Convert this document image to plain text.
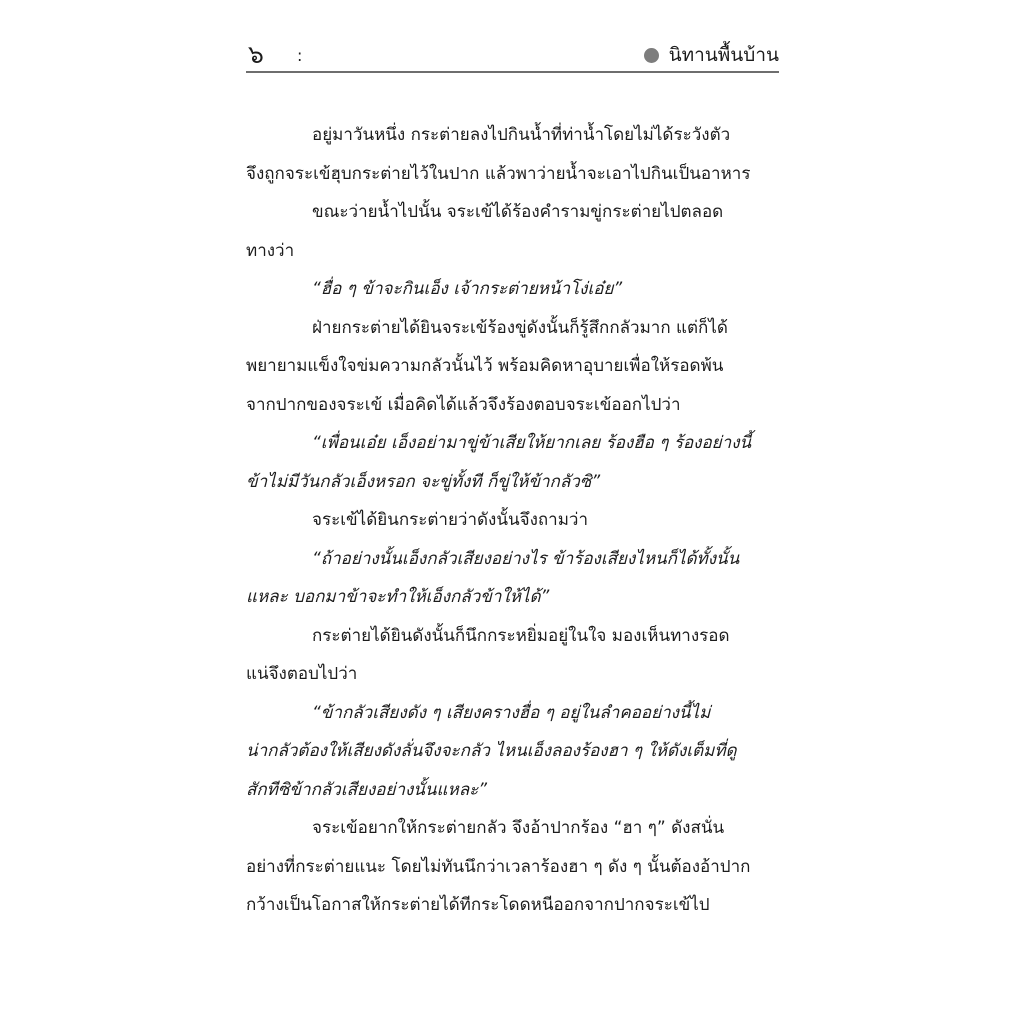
๖ :	นิทานพื้นบ้าน

อยู่มาวันหนึ่ง กระต่ายลงไปกินน้ำที่ท่าน้ำโดยไม่ได้ระวังตัว

จึงถูกจระเข้ฮุบกระต่ายไว้ในปาก แล้วพาว่ายน้ำจะเอาไปกินเป็นอาหาร

ขณะว่ายน้ำไปนั้น จระเข้ได้ร้องคำรามขู่กระต่ายไปตลอด

ทางว่า

“ฮื่อ ๆ ข้าจะกินเอ็ง เจ้ากระต่ายหน้าโง่เอ๋ย”

ฝ่ายกระต่ายได้ยินจระเข้ร้องขู่ดังนั้นก็รู้สึกกลัวมาก แต่ก็ได้

พยายามแข็งใจข่มความกลัวนั้นไว้ พร้อมคิดหาอุบายเพื่อให้รอดพ้น

จากปากของจระเข้ เมื่อคิดได้แล้วจึงร้องตอบจระเข้ออกไปว่า

“เพื่อนเอ๋ย เอ็งอย่ามาขู่ข้าเสียให้ยากเลย ร้องฮือ ๆ ร้องอย่างนี้

ข้าไม่มีวันกลัวเอ็งหรอก จะขู่ทั้งที ก็ขู่ให้ข้ากลัวซิ”

จระเข้ได้ยินกระต่ายว่าดังนั้นจึงถามว่า

“ถ้าอย่างนั้นเอ็งกลัวเสียงอย่างไร ข้าร้องเสียงไหนก็ได้ทั้งนั้น

แหละ บอกมาข้าจะทำให้เอ็งกลัวข้าให้ได้”

กระต่ายได้ยินดังนั้นก็นึกกระหยิ่มอยู่ในใจ มองเห็นทางรอด

แน่จึงตอบไปว่า

“ข้ากลัวเสียงดัง ๆ เสียงครางฮื่อ ๆ อยู่ในลำคออย่างนี้ไม่

น่ากลัวต้องให้เสียงดังลั่นจึงจะกลัว ไหนเอ็งลองร้องฮา ๆ ให้ดังเต็มที่ดู

สักทีซิข้ากลัวเสียงอย่างนั้นแหละ”

จระเข้อยากให้กระต่ายกลัว จึงอ้าปากร้อง “ฮา ๆ” ดังสนั่น

อย่างที่กระต่ายแนะ โดยไม่ทันนึกว่าเวลาร้องฮา ๆ ดัง ๆ นั้นต้องอ้าปาก

กว้างเป็นโอกาสให้กระต่ายได้ทีกระโดดหนีออกจากปากจระเข้ไป
